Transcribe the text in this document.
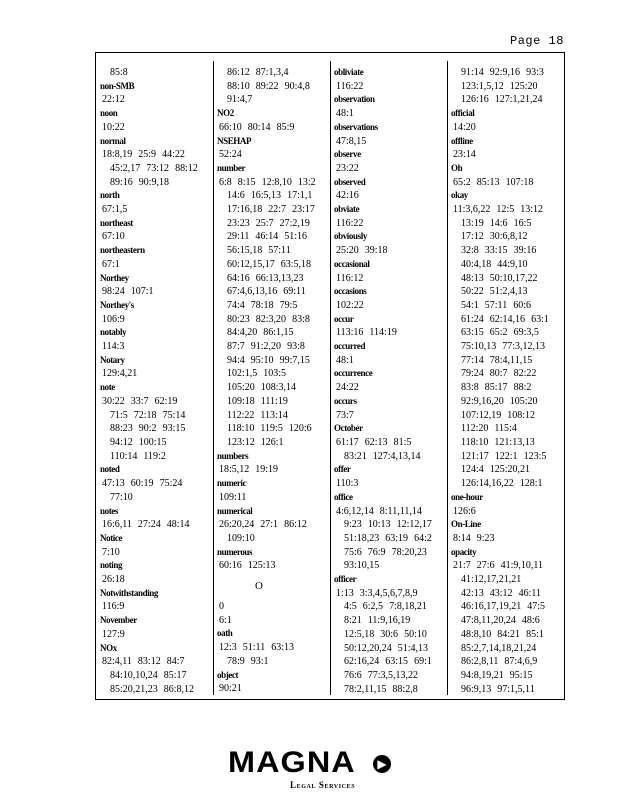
Page 18
85:8
non-SMB
22:12
noon
10:22
normal
18:8,19 25:9 44:22
45:2,17 73:12 88:12
89:16 90:9,18
north
67:1,5
northeast
67:10
northeastern
67:1
Northey
98:24 107:1
Northey's
106:9
notably
114:3
Notary
129:4,21
note
30:22 33:7 62:19
71:5 72:18 75:14
88:23 90:2 93:15
94:12 100:15
110:14 119:2
noted
47:13 60:19 75:24
77:10
notes
16:6,11 27:24 48:14
Notice
7:10
noting
26:18
Notwithstanding
116:9
November
127:9
NOx
82:4,11 83:12 84:7
84:10,10,24 85:17
85:20,21,23 86:8,12
86:12 87:1,3,4
88:10 89:22 90:4,8
91:4,7
NO2
66:10 80:14 85:9
NSEHAP
52:24
number
6:8 8:15 12:8,10 13:2
14:6 16:5,13 17:1,1
17:16,18 22:7 23:17
23:23 25:7 27:2,19
29:11 46:14 51:16
56:15,18 57:11
60:12,15,17 63:5,18
64:16 66:13,13,23
67:4,6,13,16 69:11
74:4 78:18 79:5
80:23 82:3,20 83:8
84:4,20 86:1,15
87:7 91:2,20 93:8
94:4 95:10 99:7,15
102:1,5 103:5
105:20 108:3,14
109:18 111:19
112:22 113:14
118:10 119:5 120:6
123:12 126:1
numbers
18:5,12 19:19
numeric
109:11
numerical
26:20,24 27:1 86:12
109:10
numerous
60:16 125:13
O
0
6:1
oath
12:3 51:11 63:13
78:9 93:1
object
90:21
obliviate
116:22
observation
48:1
observations
47:8,15
observe
23:22
observed
42:16
obviate
116:22
obviously
25:20 39:18
occasional
116:12
occasions
102:22
occur
113:16 114:19
occurred
48:1
occurrence
24:22
occurs
73:7
October
61:17 62:13 81:5
83:21 127:4,13,14
offer
110:3
office
4:6,12,14 8:11,11,14
9:23 10:13 12:12,17
51:18,23 63:19 64:2
75:6 76:9 78:20,23
93:10,15
officer
1:13 3:3,4,5,6,7,8,9
4:5 6:2,5 7:8,18,21
8:21 11:9,16,19
12:5,18 30:6 50:10
50:12,20,24 51:4,13
62:16,24 63:15 69:1
76:6 77:3,5,13,22
78:2,11,15 88:2,8
91:14 92:9,16 93:3
123:1,5,12 125:20
126:16 127:1,21,24
official
14:20
offline
23:14
Oh
65:2 85:13 107:18
okay
11:3,6,22 12:5 13:12
13:19 14:6 16:5
17:12 30:6,8,12
32:8 33:15 39:16
40:4,18 44:9,10
48:13 50:10,17,22
50:22 51:2,4,13
54:1 57:11 60:6
61:24 62:14,16 63:1
63:15 65:2 69:3,5
75:10,13 77:3,12,13
77:14 78:4,11,15
79:24 80:7 82:22
83:8 85:17 88:2
92:9,16,20 105:20
107:12,19 108:12
112:20 115:4
118:10 121:13,13
121:17 122:1 123:5
124:4 125:20,21
126:14,16,22 128:1
one-hour
126:6
On-Line
8:14 9:23
opacity
21:7 27:6 41:9,10,11
41:12,17,21,21
42:13 43:12 46:11
46:16,17,19,21 47:5
47:8,11,20,24 48:6
48:8,10 84:21 85:1
85:2,7,14,18,21,24
86:2,8,11 87:4,6,9
94:8,19,21 95:15
96:9,13 97:1,5,11
MAGNA	▶
Legal Services
